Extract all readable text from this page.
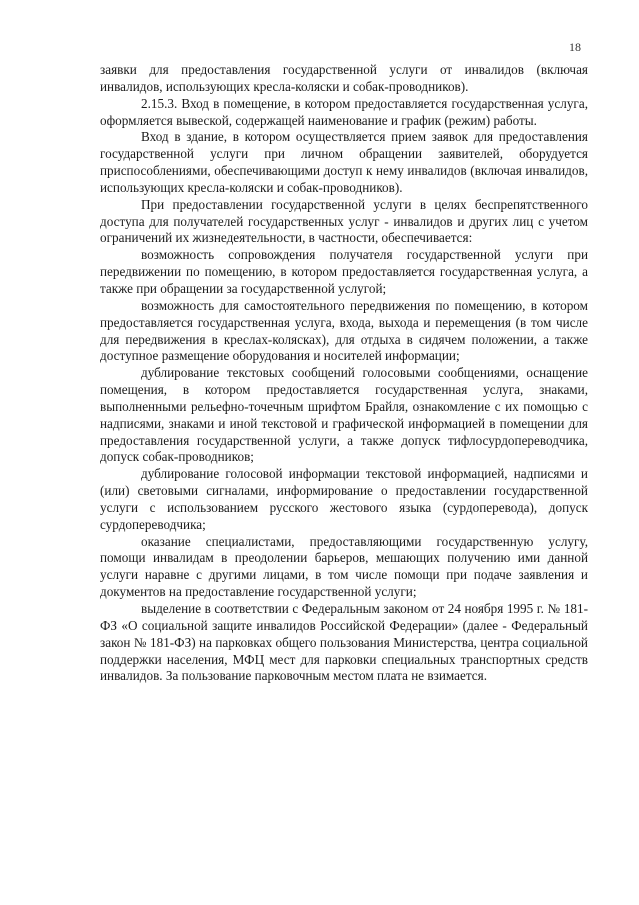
18

заявки для предоставления государственной услуги от инвалидов (включая инвалидов, использующих кресла-коляски и собак-проводников).

2.15.3. Вход в помещение, в котором предоставляется государственная услуга, оформляется вывеской, содержащей наименование и график (режим) работы.

Вход в здание, в котором осуществляется прием заявок для предоставления государственной услуги при личном обращении заявителей, оборудуется приспособлениями, обеспечивающими доступ к нему инвалидов (включая инвалидов, использующих кресла-коляски и собак-проводников).

При предоставлении государственной услуги в целях беспрепятственного доступа для получателей государственных услуг - инвалидов и других лиц с учетом ограничений их жизнедеятельности, в частности, обеспечивается:

возможность сопровождения получателя государственной услуги при передвижении по помещению, в котором предоставляется государственная услуга, а также при обращении за государственной услугой;

возможность для самостоятельного передвижения по помещению, в котором предоставляется государственная услуга, входа, выхода и перемещения (в том числе для передвижения в креслах-колясках), для отдыха в сидячем положении, а также доступное размещение оборудования и носителей информации;

дублирование текстовых сообщений голосовыми сообщениями, оснащение помещения, в котором предоставляется государственная услуга, знаками, выполненными рельефно-точечным шрифтом Брайля, ознакомление с их помощью с надписями, знаками и иной текстовой и графической информацией в помещении для предоставления государственной услуги, а также допуск тифлосурдопереводчика, допуск собак-проводников;

дублирование голосовой информации текстовой информацией, надписями и (или) световыми сигналами, информирование о предоставлении государственной услуги с использованием русского жестового языка (сурдоперевода), допуск сурдопереводчика;

оказание специалистами, предоставляющими государственную услугу, помощи инвалидам в преодолении барьеров, мешающих получению ими данной услуги наравне с другими лицами, в том числе помощи при подаче заявления и документов на предоставление государственной услуги;

выделение в соответствии с Федеральным законом от 24 ноября 1995 г. № 181-ФЗ «О социальной защите инвалидов Российской Федерации» (далее - Федеральный закон № 181-ФЗ) на парковках общего пользования Министерства, центра социальной поддержки населения, МФЦ мест для парковки специальных транспортных средств инвалидов. За пользование парковочным местом плата не взимается.
